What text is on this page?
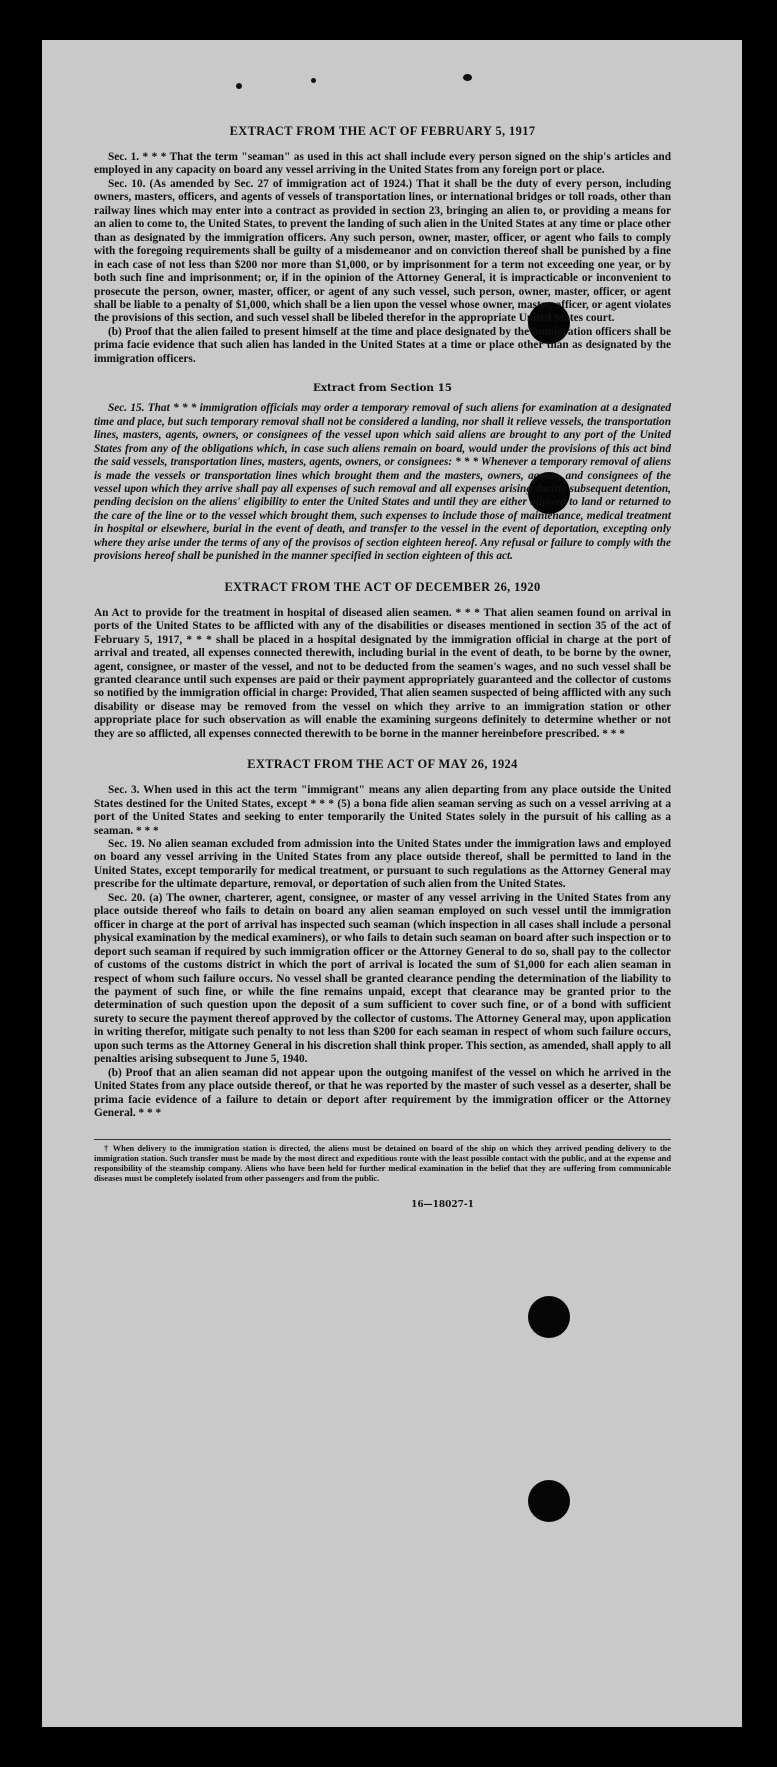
EXTRACT FROM THE ACT OF FEBRUARY 5, 1917

Sec. 1. * * * That the term "seaman" as used in this act shall include every person signed on the ship's articles and employed in any capacity on board any vessel arriving in the United States from any foreign port or place.

Sec. 10. (As amended by Sec. 27 of immigration act of 1924.) That it shall be the duty of every person, including owners, masters, officers, and agents of vessels of transportation lines, or international bridges or toll roads, other than railway lines which may enter into a contract as provided in section 23, bringing an alien to, or providing a means for an alien to come to, the United States, to prevent the landing of such alien in the United States at any time or place other than as designated by the immigration officers. Any such person, owner, master, officer, or agent who fails to comply with the foregoing requirements shall be guilty of a misdemeanor and on conviction thereof shall be punished by a fine in each case of not less than $200 nor more than $1,000, or by imprisonment for a term not exceeding one year, or by both such fine and imprisonment; or, if in the opinion of the Attorney General, it is impracticable or inconvenient to prosecute the person, owner, master, officer, or agent of any such vessel, such person, owner, master, officer, or agent shall be liable to a penalty of $1,000, which shall be a lien upon the vessel whose owner, master, officer, or agent violates the provisions of this section, and such vessel shall be libeled therefor in the appropriate United States court.

(b) Proof that the alien failed to present himself at the time and place designated by the immigration officers shall be prima facie evidence that such alien has landed in the United States at a time or place other than as designated by the immigration officers.

Extract from Section 15

Sec. 15. That * * * immigration officials may order a temporary removal of such aliens for examination at a designated time and place, but such temporary removal shall not be considered a landing, nor shall it relieve vessels, the transportation lines, masters, agents, owners, or consignees of the vessel upon which said aliens are brought to any port of the United States from any of the obligations which, in case such aliens remain on board, would under the provisions of this act bind the said vessels, transportation lines, masters, agents, owners, or consignees: * * * Whenever a temporary removal of aliens is made the vessels or transportation lines which brought them and the masters, owners, agents, and consignees of the vessel upon which they arrive shall pay all expenses of such removal and all expenses arising during subsequent detention, pending decision on the aliens' eligibility to enter the United States and until they are either allowed to land or returned to the care of the line or to the vessel which brought them, such expenses to include those of maintenance, medical treatment in hospital or elsewhere, burial in the event of death, and transfer to the vessel in the event of deportation, excepting only where they arise under the terms of any of the provisos of section eighteen hereof. Any refusal or failure to comply with the provisions hereof shall be punished in the manner specified in section eighteen of this act.

EXTRACT FROM THE ACT OF DECEMBER 26, 1920

An Act to provide for the treatment in hospital of diseased alien seamen. * * * That alien seamen found on arrival in ports of the United States to be afflicted with any of the disabilities or diseases mentioned in section 35 of the act of February 5, 1917, * * * shall be placed in a hospital designated by the immigration official in charge at the port of arrival and treated, all expenses connected therewith, including burial in the event of death, to be borne by the owner, agent, consignee, or master of the vessel, and not to be deducted from the seamen's wages, and no such vessel shall be granted clearance until such expenses are paid or their payment appropriately guaranteed and the collector of customs so notified by the immigration official in charge: Provided, That alien seamen suspected of being afflicted with any such disability or disease may be removed from the vessel on which they arrive to an immigration station or other appropriate place for such observation as will enable the examining surgeons definitely to determine whether or not they are so afflicted, all expenses connected therewith to be borne in the manner hereinbefore prescribed. * * *

EXTRACT FROM THE ACT OF MAY 26, 1924

Sec. 3. When used in this act the term "immigrant" means any alien departing from any place outside the United States destined for the United States, except * * * (5) a bona fide alien seaman serving as such on a vessel arriving at a port of the United States and seeking to enter temporarily the United States solely in the pursuit of his calling as a seaman. * * *

Sec. 19. No alien seaman excluded from admission into the United States under the immigration laws and employed on board any vessel arriving in the United States from any place outside thereof, shall be permitted to land in the United States, except temporarily for medical treatment, or pursuant to such regulations as the Attorney General may prescribe for the ultimate departure, removal, or deportation of such alien from the United States.

Sec. 20. (a) The owner, charterer, agent, consignee, or master of any vessel arriving in the United States from any place outside thereof who fails to detain on board any alien seaman employed on such vessel until the immigration officer in charge at the port of arrival has inspected such seaman (which inspection in all cases shall include a personal physical examination by the medical examiners), or who fails to detain such seaman on board after such inspection or to deport such seaman if required by such immigration officer or the Attorney General to do so, shall pay to the collector of customs of the customs district in which the port of arrival is located the sum of $1,000 for each alien seaman in respect of whom such failure occurs. No vessel shall be granted clearance pending the determination of the liability to the payment of such fine, or while the fine remains unpaid, except that clearance may be granted prior to the determination of such question upon the deposit of a sum sufficient to cover such fine, or of a bond with sufficient surety to secure the payment thereof approved by the collector of customs. The Attorney General may, upon application in writing therefor, mitigate such penalty to not less than $200 for each seaman in respect of whom such failure occurs, upon such terms as the Attorney General in his discretion shall think proper. This section, as amended, shall apply to all penalties arising subsequent to June 5, 1940.

(b) Proof that an alien seaman did not appear upon the outgoing manifest of the vessel on which he arrived in the United States from any place outside thereof, or that he was reported by the master of such vessel as a deserter, shall be prima facie evidence of a failure to detain or deport after requirement by the immigration officer or the Attorney General. * * *

† When delivery to the immigration station is directed, the aliens must be detained on board of the ship on which they arrived pending delivery to the immigration station. Such transfer must be made by the most direct and expeditious route with the least possible contact with the public, and at the expense and responsibility of the steamship company. Aliens who have been held for further medical examination in the belief that they are suffering from communicable diseases must be completely isolated from other passengers and from the public.

16—18027-1
